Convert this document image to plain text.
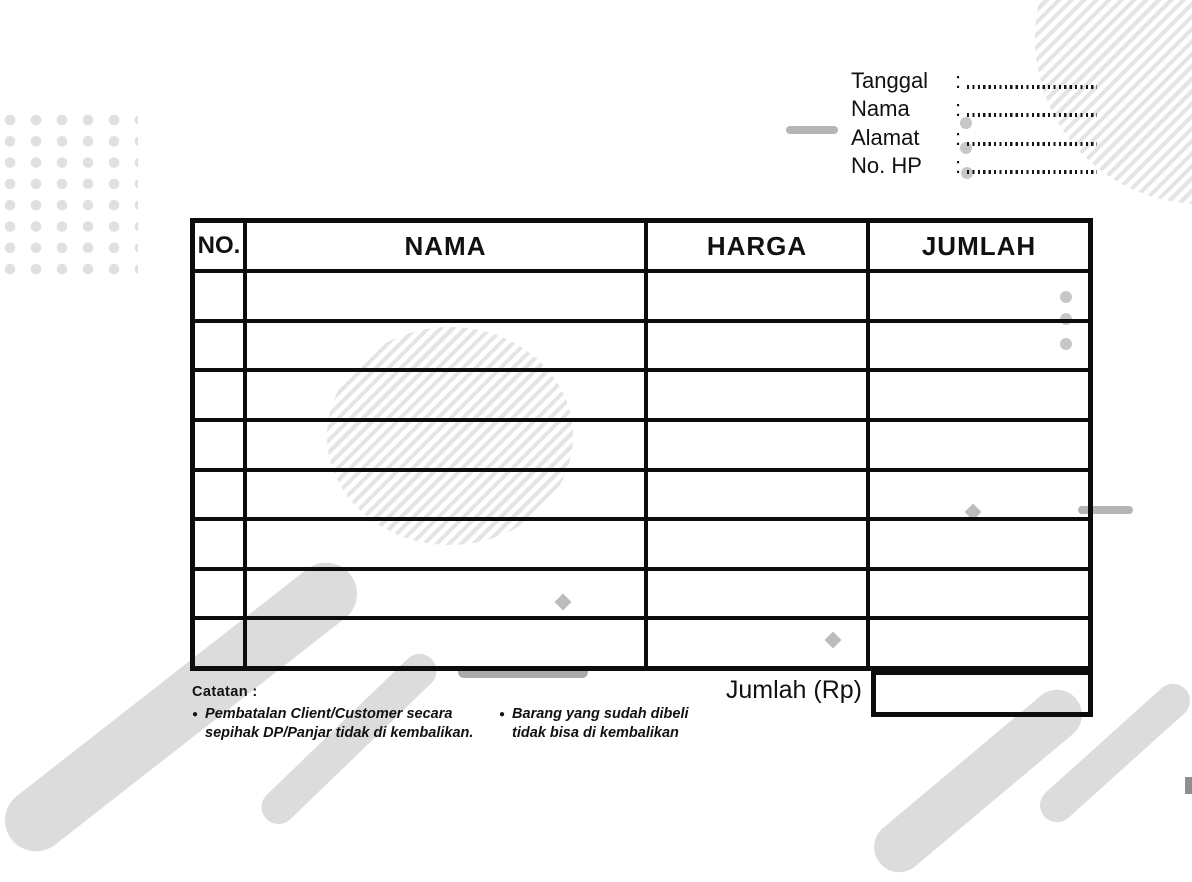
Tanggal	:
Nama	:
Alamat	:
No. HP	:
NO.	NAMA	HARGA	JUMLAH
Jumlah (Rp)
Catatan :
● Pembatalan Client/Customer secara sepihak DP/Panjar tidak di kembalikan.
● Barang yang sudah dibeli tidak bisa di kembalikan
